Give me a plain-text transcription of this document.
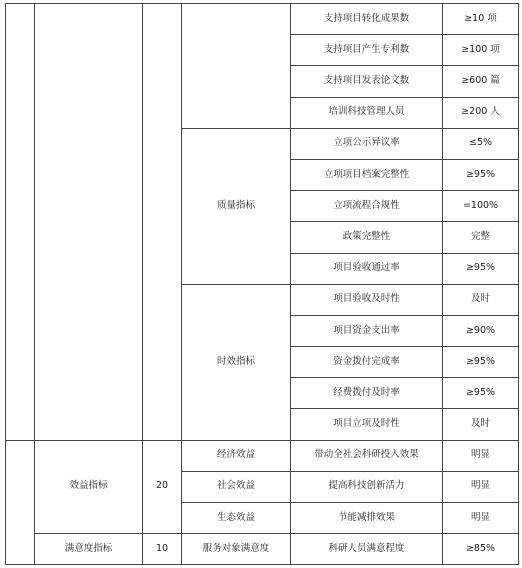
				支持项目转化成果数	≥10 项
				支持项目产生专利数	≥100 项
				支持项目发表论文数	≥600 篇
				培训科技管理人员	≥200 人
			质量指标	立项公示异议率	≤5%
				立项项目档案完整性	≥95%
				立项流程合规性	=100%
				政策完整性	完整
				项目验收通过率	≥95%
			时效指标	项目验收及时性	及时
				项目资金支出率	≥90%
				资金拨付完成率	≥95%
				经费拨付及时率	≥95%
				项目立项及时性	及时
	效益指标	20	经济效益	带动全社会科研投入效果	明显
			社会效益	提高科技创新活力	明显
			生态效益	节能减排效果	明显
	满意度指标	10	服务对象满意度	科研人员满意程度	≥85%
